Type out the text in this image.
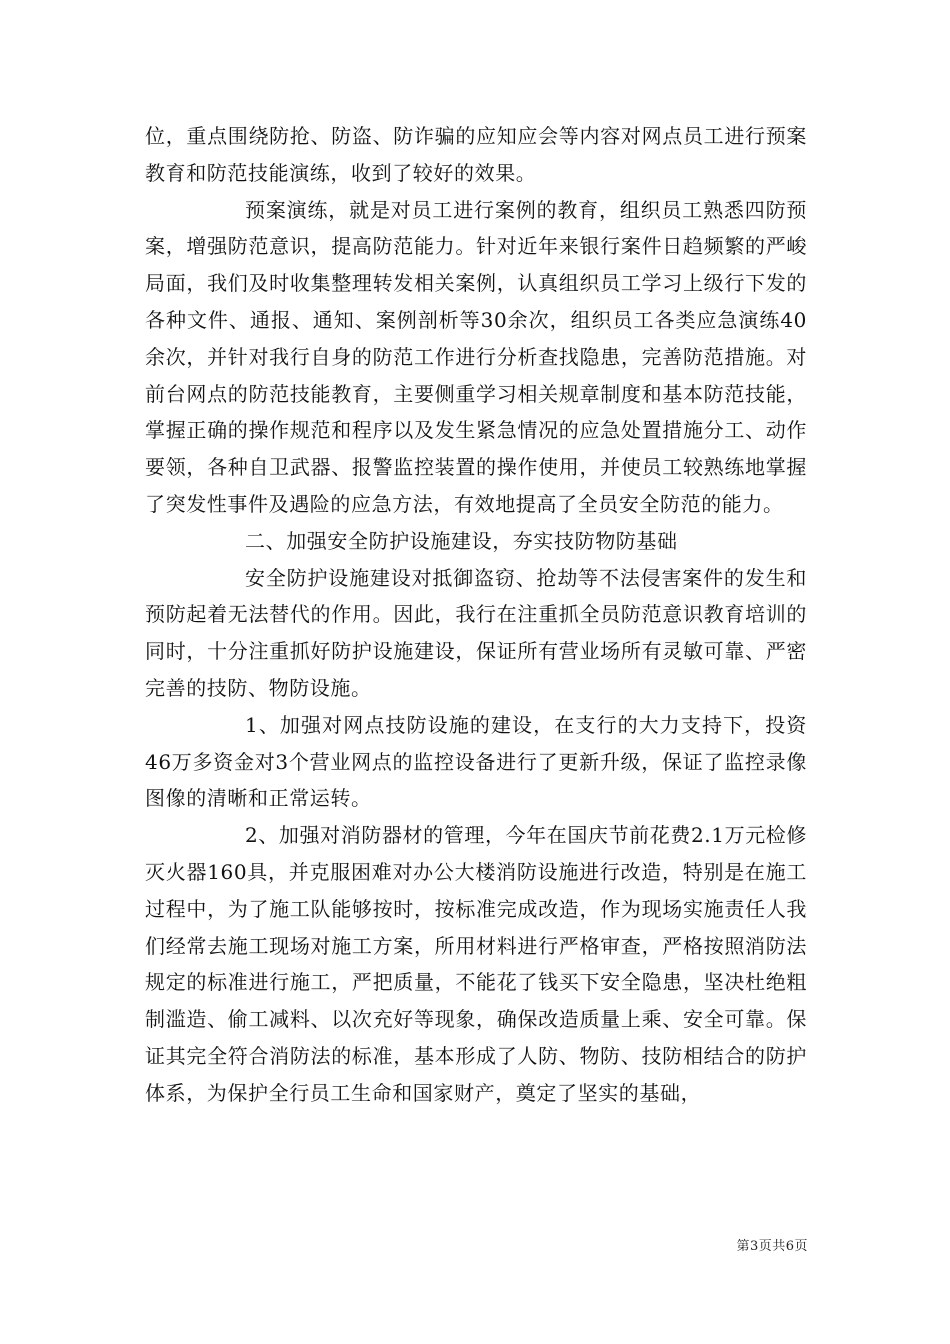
位，重点围绕防抢、防盗、防诈骗的应知应会等内容对网点员工进行预案教育和防范技能演练，收到了较好的效果。

预案演练，就是对员工进行案例的教育，组织员工熟悉四防预案，增强防范意识，提高防范能力。针对近年来银行案件日趋频繁的严峻局面，我们及时收集整理转发相关案例，认真组织员工学习上级行下发的各种文件、通报、通知、案例剖析等30余次，组织员工各类应急演练40余次，并针对我行自身的防范工作进行分析查找隐患，完善防范措施。对前台网点的防范技能教育，主要侧重学习相关规章制度和基本防范技能，掌握正确的操作规范和程序以及发生紧急情况的应急处置措施分工、动作要领，各种自卫武器、报警监控装置的操作使用，并使员工较熟练地掌握了突发性事件及遇险的应急方法，有效地提高了全员安全防范的能力。

二、加强安全防护设施建设，夯实技防物防基础

安全防护设施建设对抵御盗窃、抢劫等不法侵害案件的发生和预防起着无法替代的作用。因此，我行在注重抓全员防范意识教育培训的同时，十分注重抓好防护设施建设，保证所有营业场所有灵敏可靠、严密完善的技防、物防设施。

1、加强对网点技防设施的建设，在支行的大力支持下，投资46万多资金对3个营业网点的监控设备进行了更新升级，保证了监控录像图像的清晰和正常运转。

2、加强对消防器材的管理，今年在国庆节前花费2.1万元检修灭火器160具，并克服困难对办公大楼消防设施进行改造，特别是在施工过程中，为了施工队能够按时，按标准完成改造，作为现场实施责任人我们经常去施工现场对施工方案，所用材料进行严格审查，严格按照消防法规定的标准进行施工，严把质量，不能花了钱买下安全隐患，坚决杜绝粗制滥造、偷工减料、以次充好等现象，确保改造质量上乘、安全可靠。保证其完全符合消防法的标准，基本形成了人防、物防、技防相结合的防护体系，为保护全行员工生命和国家财产，奠定了坚实的基础，

第3页共6页
